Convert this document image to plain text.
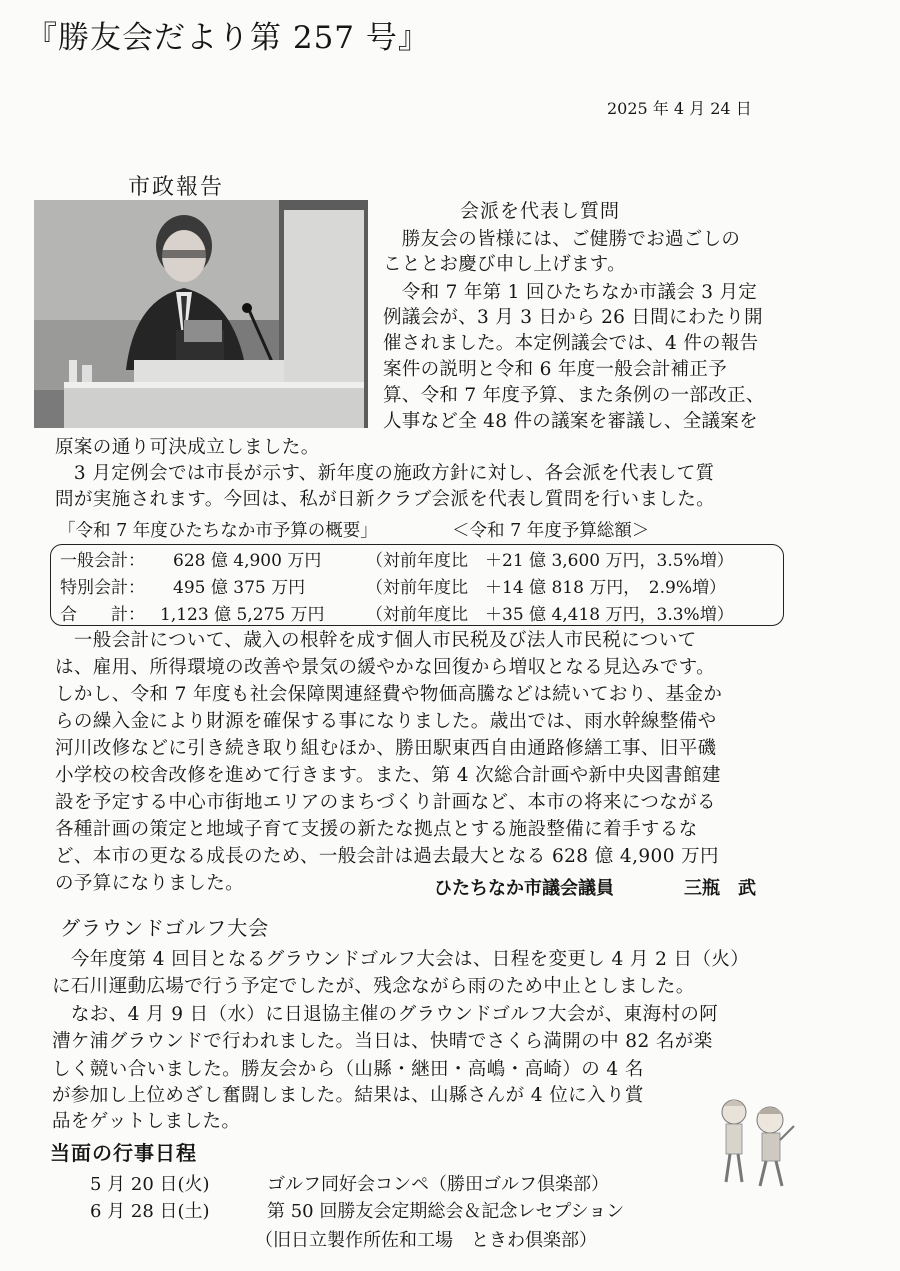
『勝友会だより第 257 号』
2025 年 4 月 24 日
市政報告
会派を代表し質問
　勝友会の皆様には、ご健勝でお過ごしの
こととお慶び申し上げます。
　令和 7 年第 1 回ひたちなか市議会 3 月定
例議会が、3 月 3 日から 26 日間にわたり開
催されました。本定例議会では、4 件の報告
案件の説明と令和 6 年度一般会計補正予
算、令和 7 年度予算、また条例の一部改正、
人事など全 48 件の議案を審議し、全議案を
原案の通り可決成立しました。
　3 月定例会では市長が示す、新年度の施政方針に対し、各会派を代表して質
問が実施されます。今回は、私が日新クラブ会派を代表し質問を行いました。
「令和 7 年度ひたちなか市予算の概要」	＜令和 7 年度予算総額＞
一般会計： 628 億 4,900 万円	（対前年度比　＋21 億 3,600 万円，3.5%増）
特別会計： 495 億 375 万円	（対前年度比　＋14 億 818 万円，　2.9%増）
合　　計： 1,123 億 5,275 万円 （対前年度比　＋35 億 4,418 万円，3.3%増）
　一般会計について、歳入の根幹を成す個人市民税及び法人市民税について
は、雇用、所得環境の改善や景気の緩やかな回復から増収となる見込みです。
しかし、令和 7 年度も社会保障関連経費や物価高騰などは続いており、基金か
らの繰入金により財源を確保する事になりました。歳出では、雨水幹線整備や
河川改修などに引き続き取り組むほか、勝田駅東西自由通路修繕工事、旧平磯
小学校の校舎改修を進めて行きます。また、第 4 次総合計画や新中央図書館建
設を予定する中心市街地エリアのまちづくり計画など、本市の将来につながる
各種計画の策定と地域子育て支援の新たな拠点とする施設整備に着手するな
ど、本市の更なる成長のため、一般会計は過去最大となる 628 億 4,900 万円
の予算になりました。	ひたちなか市議会議員	三瓶　武
グラウンドゴルフ大会
　今年度第 4 回目となるグラウンドゴルフ大会は、日程を変更し 4 月 2 日（火）
に石川運動広場で行う予定でしたが、残念ながら雨のため中止としました。
　なお、4 月 9 日（水）に日退協主催のグラウンドゴルフ大会が、東海村の阿
漕ケ浦グラウンドで行われました。当日は、快晴でさくら満開の中 82 名が楽
しく競い合いました。勝友会から（山縣・継田・高嶋・高崎）の 4 名
が参加し上位めざし奮闘しました。結果は、山縣さんが 4 位に入り賞
品をゲットしました。
当面の行事日程
5 月 20 日(火)	ゴルフ同好会コンペ（勝田ゴルフ倶楽部）
6 月 28 日(土)	第 50 回勝友会定期総会＆記念レセプション
（旧日立製作所佐和工場　ときわ倶楽部）
